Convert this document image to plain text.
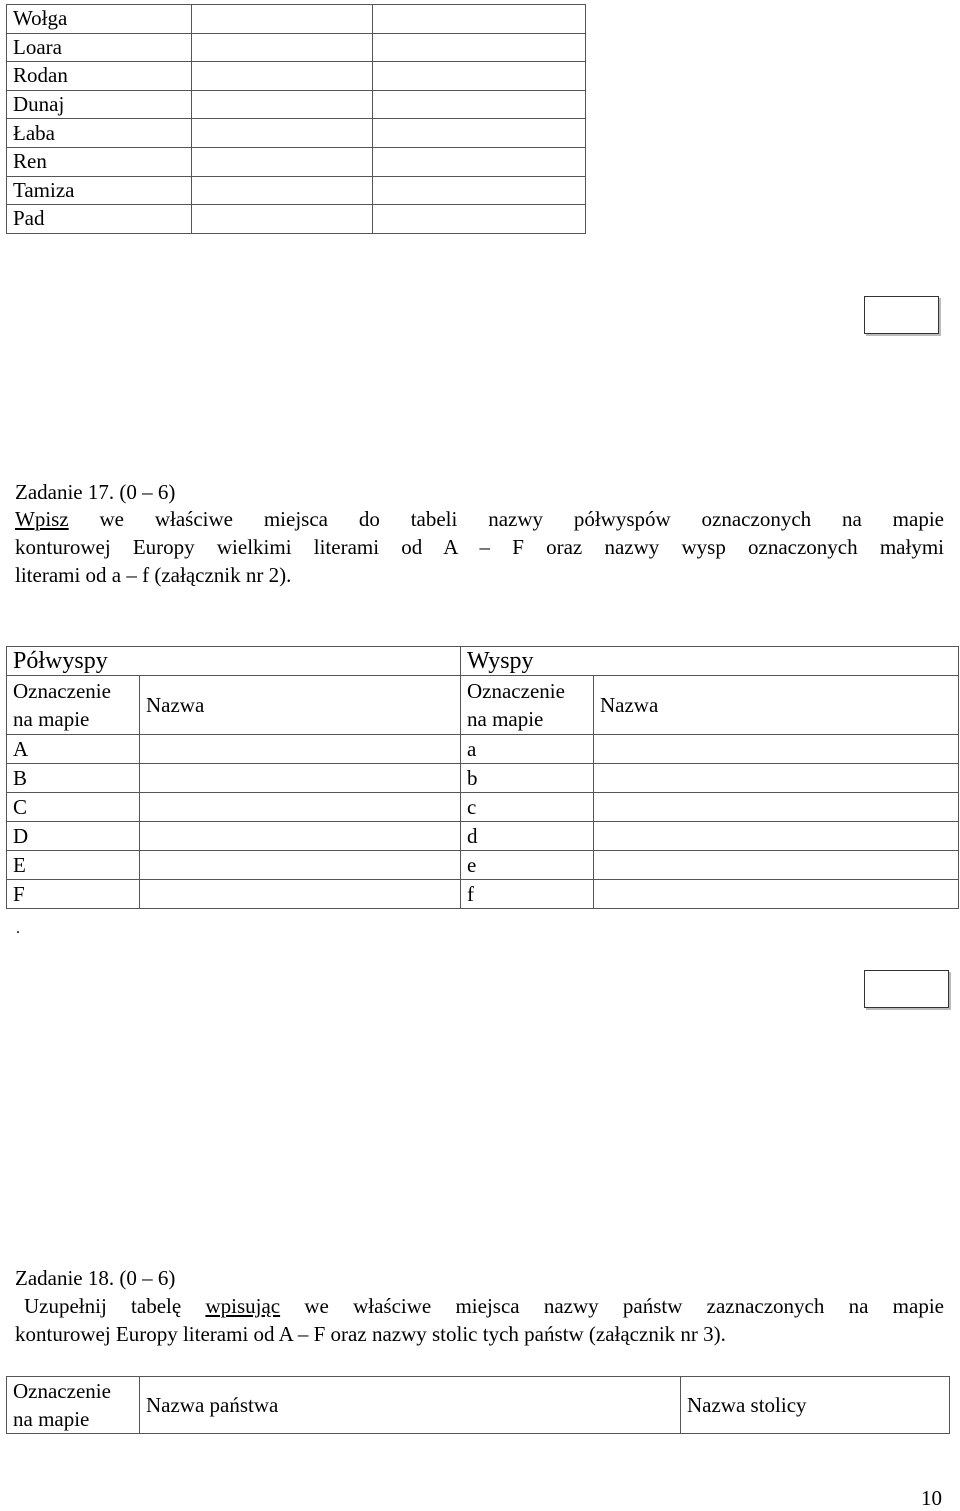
Wołga		
Loara		
Rodan		
Dunaj		
Łaba		
Ren		
Tamiza		
Pad		
Zadanie 17. (0 – 6)
Wpisz we właściwe miejsca do tabeli nazwy półwyspów oznaczonych na mapie
konturowej Europy wielkimi literami od A – F oraz nazwy wysp oznaczonych małymi
literami od a – f (załącznik nr 2).
Półwyspy		Wyspy	
Oznaczenie
na mapie	Nazwa	Oznaczenie
na mapie	Nazwa
A		a	
B		b	
C		c	
D		d	
E		e	
F		f	
.
Zadanie 18. (0 – 6)
Uzupełnij tabelę wpisując we właściwe miejsca nazwy państw zaznaczonych na mapie
konturowej Europy literami od A – F oraz nazwy stolic tych państw (załącznik nr 3).
Oznaczenie
na mapie	Nazwa państwa	Nazwa stolicy
10
